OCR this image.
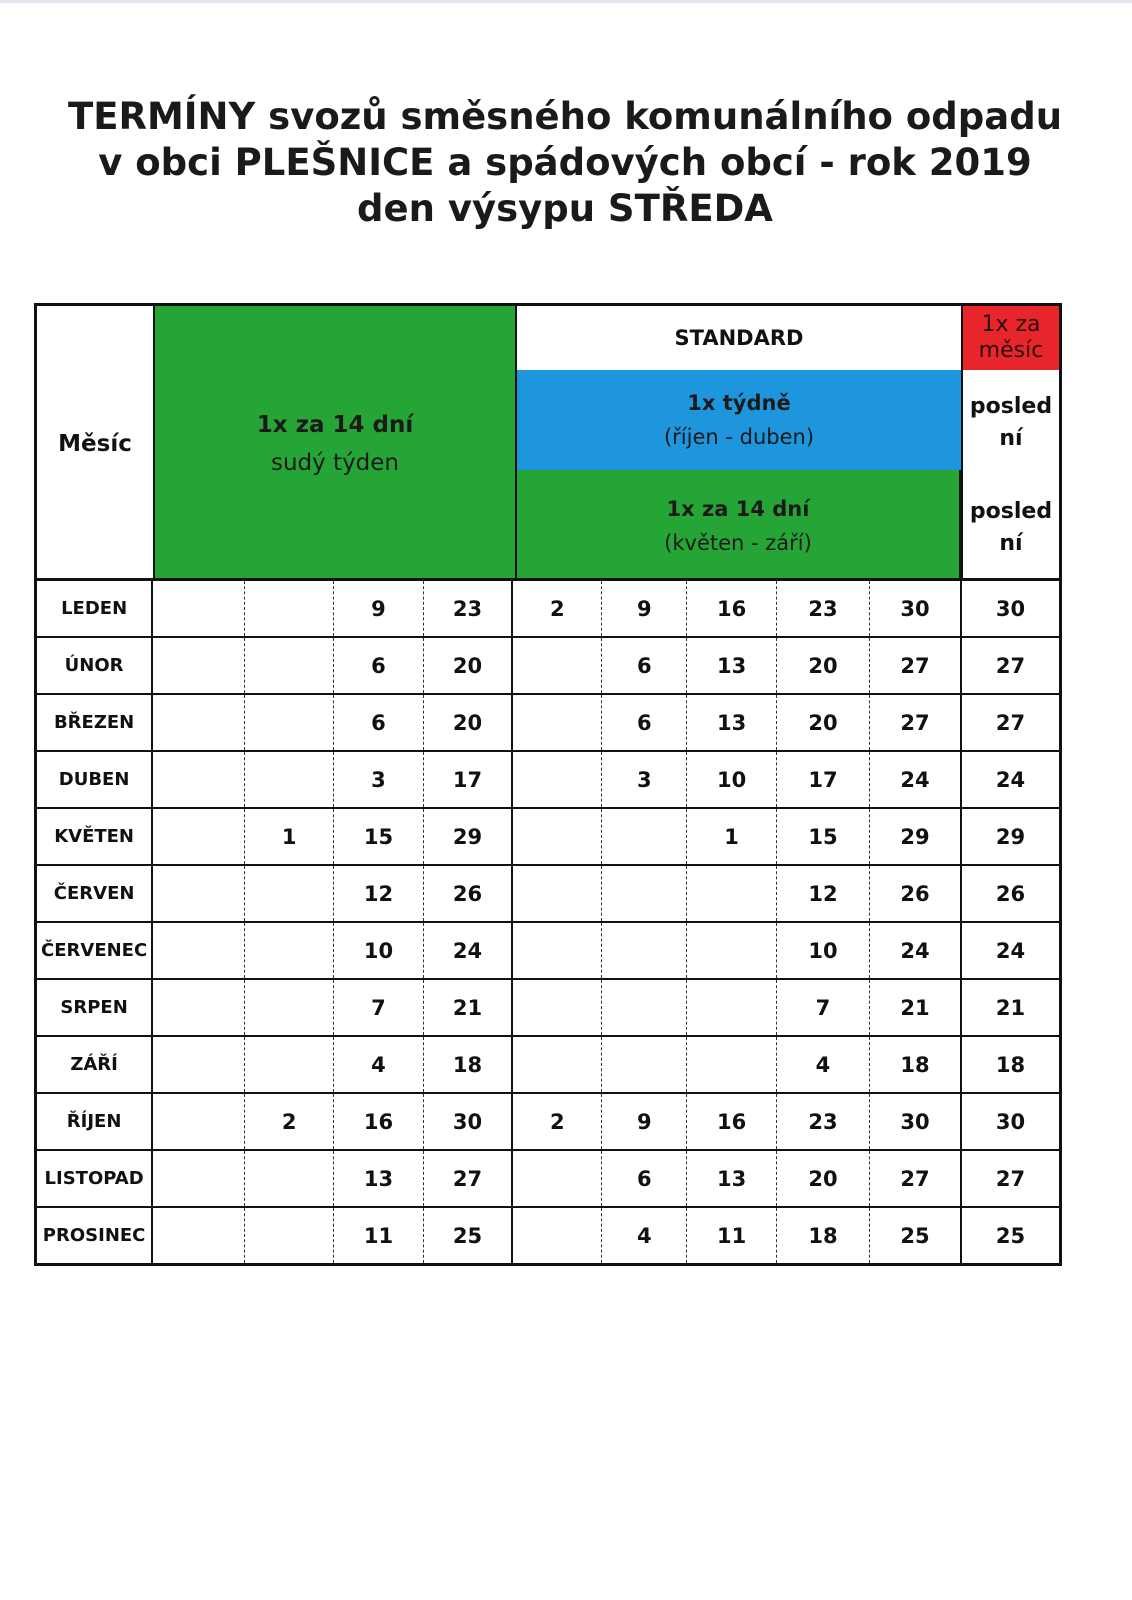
TERMÍNY svozů směsného komunálního odpadu
v obci PLEŠNICE a spádových obcí - rok 2019
den výsypu STŘEDA
Měsíc
1x za 14 dní
sudý týden
STANDARD
1x týdně
(říjen - duben)
1x za 14 dní
(květen - září)
1x za
měsíc
posled ní
posled ní
LEDEN			9	23	2	9	16	23	30	30
ÚNOR			6	20		6	13	20	27	27
BŘEZEN			6	20		6	13	20	27	27
DUBEN			3	17		3	10	17	24	24
KVĚTEN		1	15	29			1	15	29	29
ČERVEN			12	26				12	26	26
ČERVENEC			10	24				10	24	24
SRPEN			7	21				7	21	21
ZÁŘÍ			4	18				4	18	18
ŘÍJEN		2	16	30	2	9	16	23	30	30
LISTOPAD			13	27		6	13	20	27	27
PROSINEC			11	25		4	11	18	25	25
